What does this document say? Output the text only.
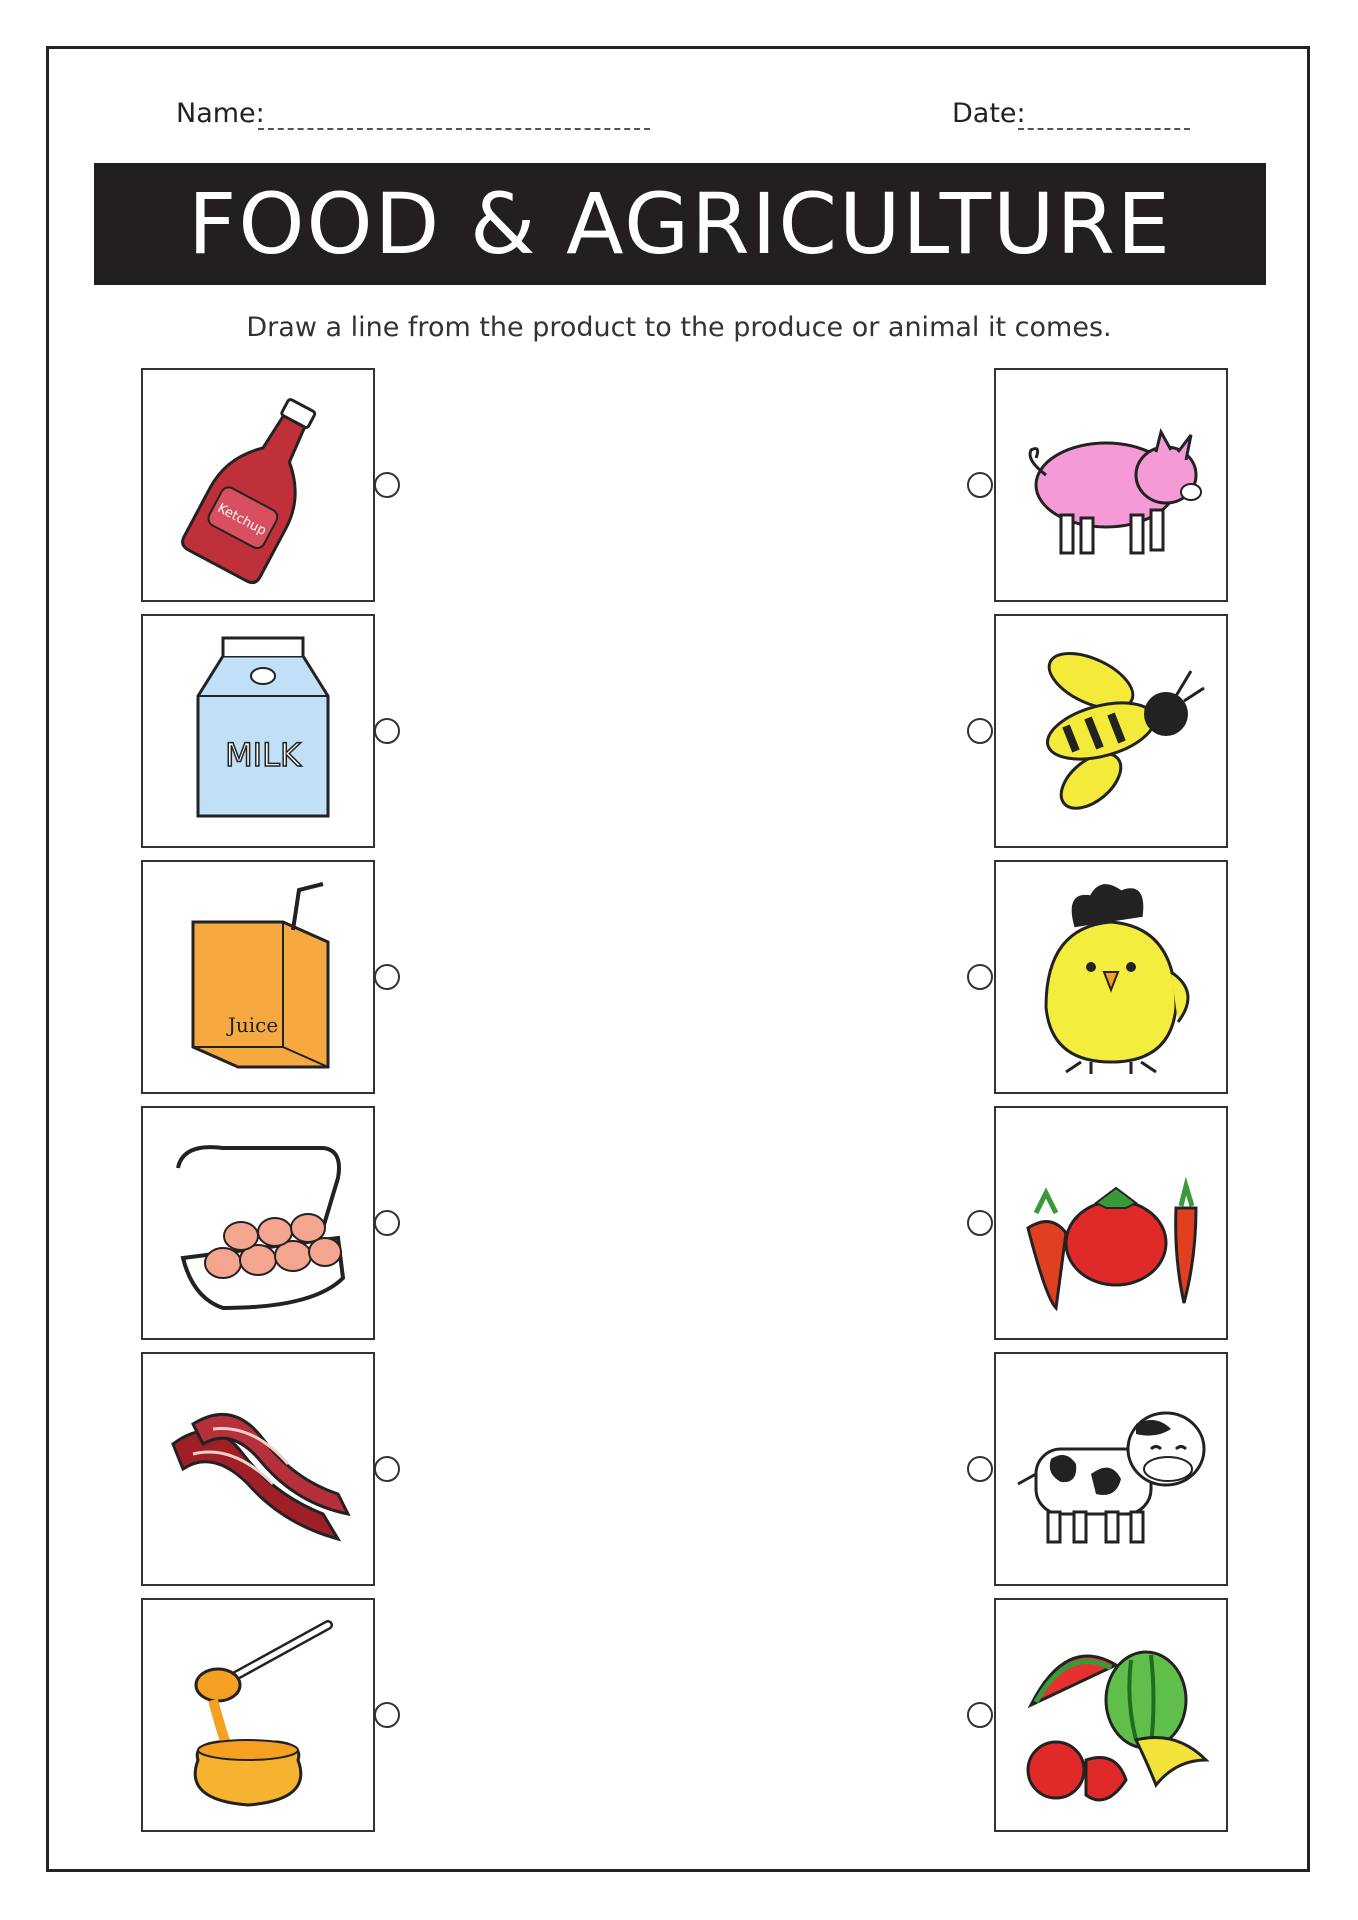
Name:	Date:
FOOD & AGRICULTURE
Draw a line from the product to the produce or animal it comes.
Ketchup
MILK
Juice
